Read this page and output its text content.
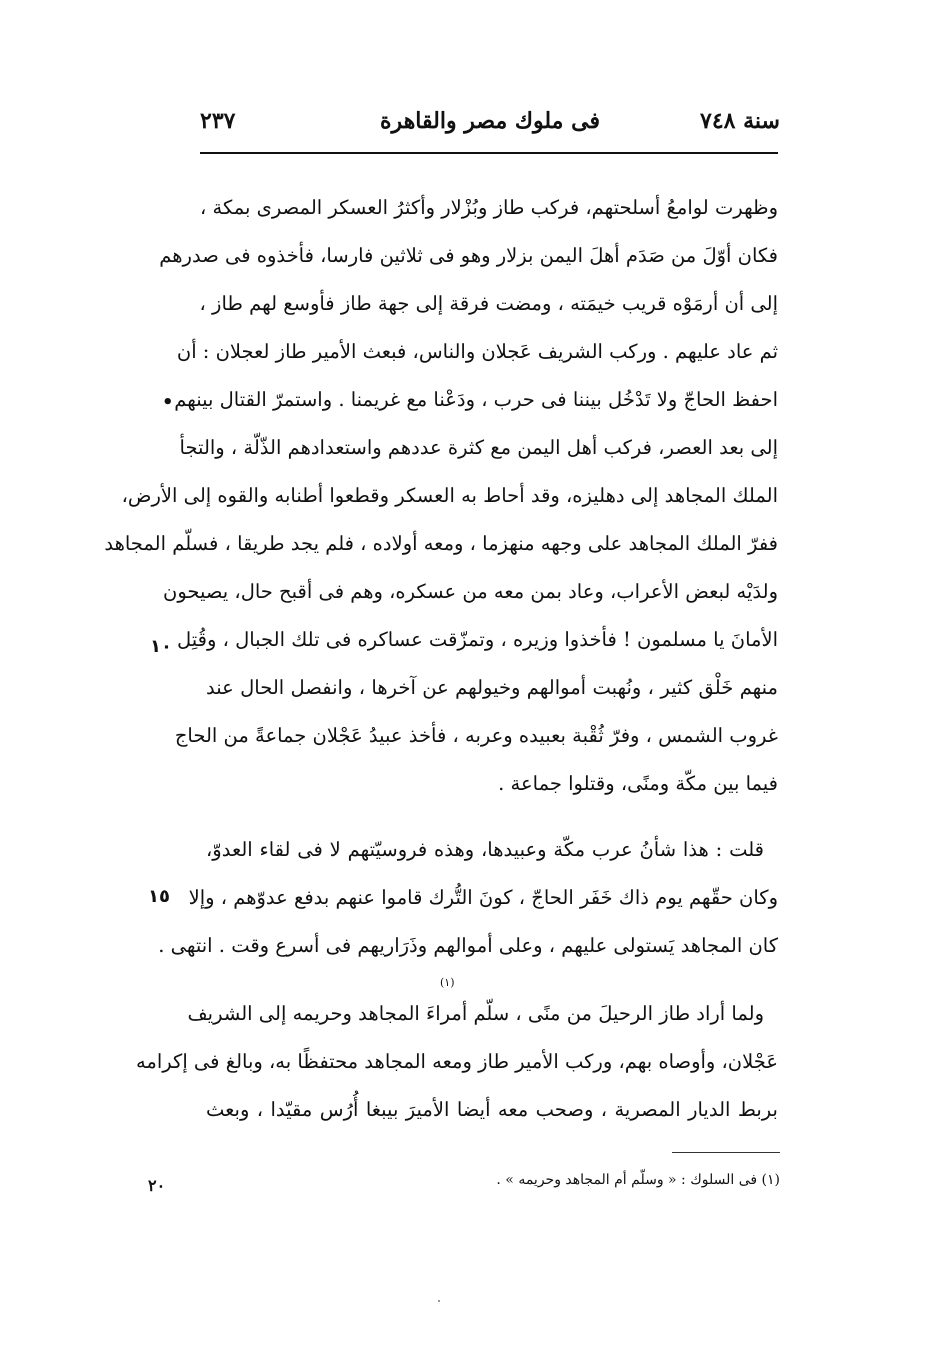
سنة ٧٤٨
فى ملوك مصر والقاهرة
٢٣٧
وظهرت لوامعُ أسلحتهم، فركب طاز وبُزْلار وأكثرُ العسكر المصرى بمكة ،
فكان أوّلَ من صَدَم أهلَ اليمن بزلار وهو فى ثلاثين فارسا، فأخذوه فى صدرهم
إلى أن أرمَوْه قريب خيمَته ، ومضت فرقة إلى جهة طاز فأوسع لهم طاز ،
ثم عاد عليهم . وركب الشريف عَجلان والناس، فبعث الأمير طاز لعجلان : أن
احفظ الحاجّ ولا تَدْخُل بيننا فى حرب ، ودَعْنا مع غريمنا . واستمرّ القتال بينهم
إلى بعد العصر، فركب أهل اليمن مع كثرة عددهم واستعدادهم الذّلّة ، والتجأ
الملك المجاهد إلى دهليزه، وقد أحاط به العسكر وقطعوا أطنابه والقوه إلى الأرض،
ففرّ الملك المجاهد على وجهه منهزما ، ومعه أولاده ، فلم يجد طريقا ، فسلّم المجاهد
ولدَيْه لبعض الأعراب، وعاد بمن معه من عسكره، وهم فى أقبح حال، يصيحون
الأمانَ يا مسلمون ! فأخذوا وزيره ، وتمزّقت عساكره فى تلك الجبال ، وقُتِل
منهم خَلْق كثير ، ونُهبت أموالهم وخيولهم عن آخرها ، وانفصل الحال عند
غروب الشمس ، وفرّ ثُقْبة بعبيده وعربه ، فأخذ عبيدُ عَجْلان جماعةً من الحاج
فيما بين مكّة ومنًى، وقتلوا جماعة .
قلت : هذا شأنُ عرب مكّة وعبيدها، وهذه فروسيّتهم لا فى لقاء العدوّ،
وكان حقّهم يوم ذاك خَفَر الحاجّ ، كونَ التُّرك قاموا عنهم بدفع عدوّهم ، وإلا
كان المجاهد يَستولى عليهم ، وعلى أموالهم وذَرَاريهم فى أسرع وقت . انتهى .
ولما أراد طاز الرحيلَ من منًى ، سلّم أمراءَ المجاهد وحريمه إلى الشريف
عَجْلان، وأوصاه بهم، وركب الأمير طاز ومعه المجاهد محتفظًا به، وبالغ فى إكرامه
بربط الديار المصرية ، وصحب معه أيضا الأميرَ بيبغا أُرُس مقيّدا ، وبعث
(١)
•
١٠
١٥
(١) فى السلوك : « وسلّم أم المجاهد وحريمه » .
٢٠
